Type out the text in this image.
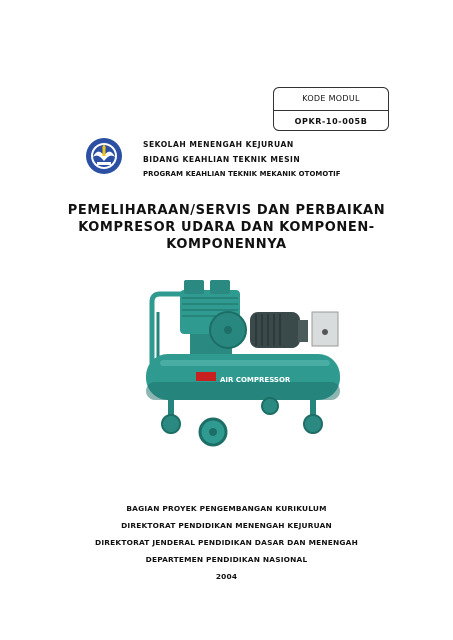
KODE MODUL
OPKR-10-005B
SEKOLAH MENENGAH KEJURUAN
BIDANG KEAHLIAN TEKNIK MESIN
PROGRAM KEAHLIAN TEKNIK MEKANIK OTOMOTIF
PEMELIHARAAN/SERVIS DAN PERBAIKAN
KOMPRESOR UDARA DAN KOMPONEN-
KOMPONENNYA
AIR COMPRESSOR
BAGIAN PROYEK PENGEMBANGAN KURIKULUM
DIREKTORAT PENDIDIKAN MENENGAH KEJURUAN
DIREKTORAT JENDERAL PENDIDIKAN DASAR DAN MENENGAH
DEPARTEMEN PENDIDIKAN NASIONAL
2004
